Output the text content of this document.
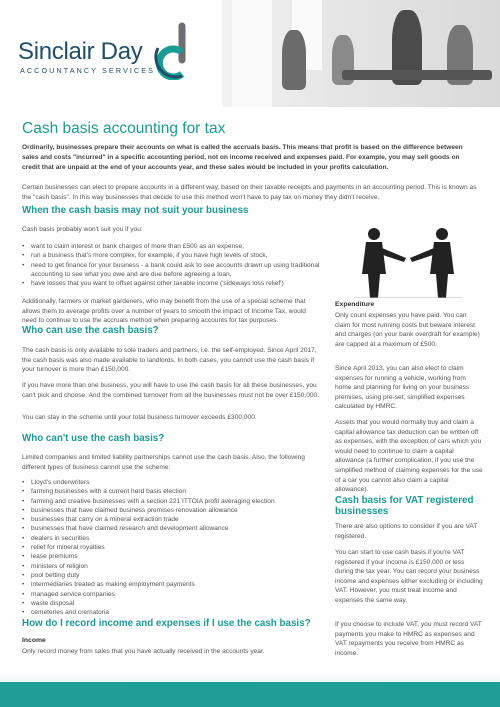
Sinclair Day
ACCOUNTANCY SERVICES
Cash basis accounting for tax
Ordinarily, businesses prepare their accounts on what is called the accruals basis. This means that profit is based on the difference between sales and costs "incurred" in a specific accounting period, not on income received and expenses paid. For example, you may sell goods on credit that are unpaid at the end of your accounts year, and these sales would be included in your profits calculation.
Certain businesses can elect to prepare accounts in a different way, based on their taxable receipts and payments in an accounting period. This is known as the "cash basis". In this way businesses that decide to use this method won't have to pay tax on money they didn't receive.
When the cash basis may not suit your business
Cash basis probably won't suit you if you:
• want to claim interest or bank charges of more than £500 as an expense,
• run a business that's more complex, for example, if you have high levels of stock,
• need to get finance for your business - a bank could ask to see accounts drawn up using traditional accounting to see what you owe and are due before agreeing a loan,
• have losses that you want to offset against other taxable income ('sideways loss relief')
Additionally, farmers or market gardeners, who may benefit from the use of a special scheme that allows them to average profits over a number of years to smooth the impact of Income Tax, would need to continue to use the accruals method when preparing accounts for tax purposes.
Who can use the cash basis?
The cash basis is only available to sole traders and partners, i.e. the self-employed. Since April 2017, the cash basis was also made available to landlords. In both cases, you cannot use the cash basis if your turnover is more than £150,000.
If you have more than one business, you will have to use the cash basis for all these businesses, you can't pick and choose. And the combined turnover from all the businesses must not be over £150,000.
You can stay in the scheme until your total business turnover exceeds £300,000.
Who can't use the cash basis?
Limited companies and limited liability partnerships cannot use the cash basis. Also, the following different types of business cannot use the scheme:
• Lloyd's underwriters
• farming businesses with a current herd basis election
• farming and creative businesses with a section 221 ITTOIA profit averaging election
• businesses that have claimed business premises renovation allowance
• businesses that carry on a mineral extraction trade
• businesses that have claimed research and development allowance
• dealers in securities
• relief for mineral royalties
• lease premiums
• ministers of religion
• pool betting duty
• intermediaries treated as making employment payments
• managed service companies
• waste disposal
• cemeteries and crematoria
How do I record income and expenses if I use the cash basis?
Income
Only record money from sales that you have actually received in the accounts year.
Expenditure
Only count expenses you have paid. You can claim for most running costs but beware interest and charges (on your bank overdraft for example) are capped at a maximum of £500.
Since April 2013, you can also elect to claim expenses for running a vehicle, working from home and planning for living on your business premises, using pre-set, simplified expenses calculated by HMRC.
Assets that you would normally buy and claim a capital allowance tax deduction can be written off as expenses, with the exception of cars which you would need to continue to claim a capital allowance (a further complication, if you use the simplified method of claiming expenses for the use of a car you cannot also claim a capital allowance).
Cash basis for VAT registered businesses
There are also options to consider if you are VAT registered.
You can start to use cash basis if you're VAT registered if your income is £150,000 or less during the tax year. You can record your business income and expenses either excluding or including VAT. However, you must treat income and expenses the same way.
If you choose to include VAT, you must record VAT payments you make to HMRC as expenses and VAT repayments you receive from HMRC as income.
